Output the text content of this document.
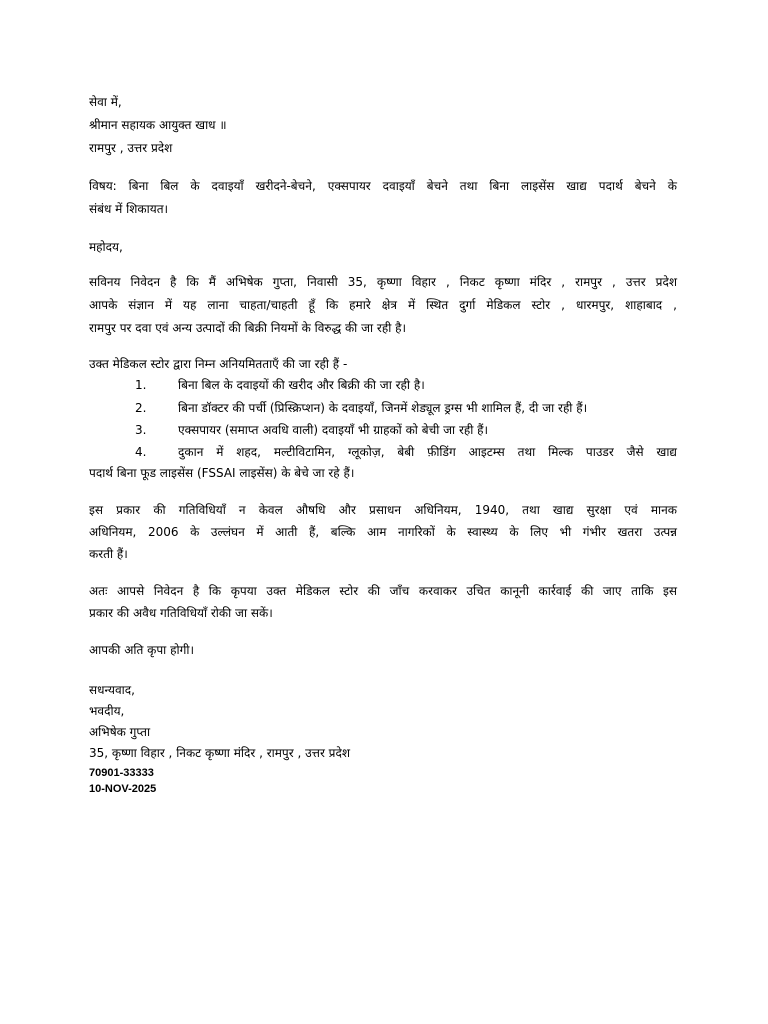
सेवा में,
श्रीमान सहायक आयुक्त खाध ॥
रामपुर , उत्तर प्रदेश
विषय: बिना बिल के दवाइयाँ खरीदने-बेचने, एक्सपायर दवाइयाँ बेचने तथा बिना लाइसेंस खाद्य पदार्थ बेचने के
संबंध में शिकायत।
महोदय,
सविनय निवेदन है कि मैं अभिषेक गुप्ता, निवासी 35, कृष्णा विहार , निकट कृष्णा मंदिर , रामपुर , उत्तर प्रदेश
आपके संज्ञान में यह लाना चाहता/चाहती हूँ कि हमारे क्षेत्र में स्थित दुर्गा मेडिकल स्टोर , धारमपुर, शाहाबाद ,
रामपुर पर दवा एवं अन्य उत्पादों की बिक्री नियमों के विरुद्ध की जा रही है।
उक्त मेडिकल स्टोर द्वारा निम्न अनियमितताएँ की जा रही हैं -
1.	बिना बिल के दवाइयों की खरीद और बिक्री की जा रही है।
2.	बिना डॉक्टर की पर्ची (प्रिस्क्रिप्शन) के दवाइयाँ, जिनमें शेड्यूल ड्रग्स भी शामिल हैं, दी जा रही हैं।
3.	एक्सपायर (समाप्त अवधि वाली) दवाइयाँ भी ग्राहकों को बेची जा रही हैं।
4.	दुकान में शहद, मल्टीविटामिन, ग्लूकोज़, बेबी फ़ीडिंग आइटम्स तथा मिल्क पाउडर जैसे खाद्य
पदार्थ बिना फूड लाइसेंस (FSSAI लाइसेंस) के बेचे जा रहे हैं।
इस प्रकार की गतिविधियाँ न केवल औषधि और प्रसाधन अधिनियम, 1940, तथा खाद्य सुरक्षा एवं मानक
अधिनियम, 2006 के उल्लंघन में आती हैं, बल्कि आम नागरिकों के स्वास्थ्य के लिए भी गंभीर खतरा उत्पन्न
करती हैं।
अतः आपसे निवेदन है कि कृपया उक्त मेडिकल स्टोर की जाँच करवाकर उचित कानूनी कार्रवाई की जाए ताकि इस
प्रकार की अवैध गतिविधियाँ रोकी जा सकें।
आपकी अति कृपा होगी।
सधन्यवाद,
भवदीय,
अभिषेक गुप्ता
35, कृष्णा विहार , निकट कृष्णा मंदिर , रामपुर , उत्तर प्रदेश
70901-33333
10-NOV-2025
